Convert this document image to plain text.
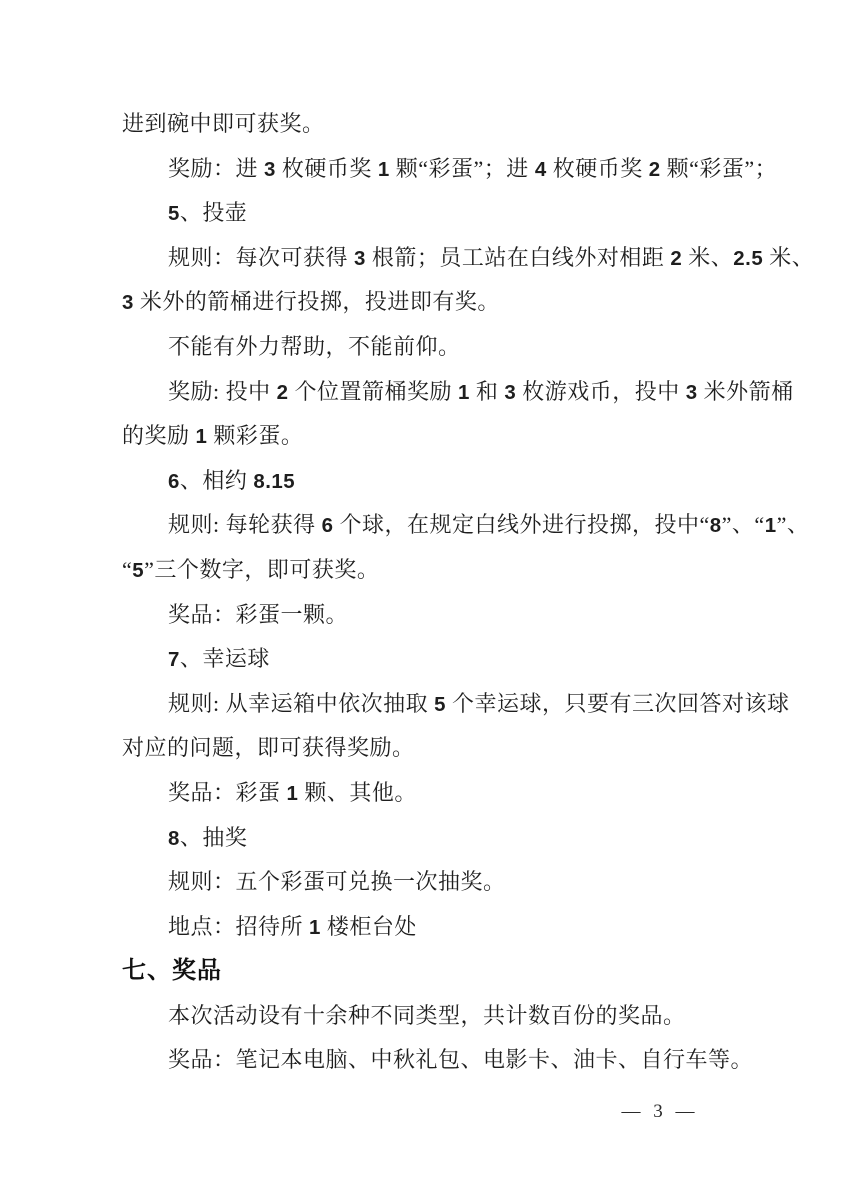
进到碗中即可获奖。
奖励：进 3 枚硬币奖 1 颗“彩蛋”；进 4 枚硬币奖 2 颗“彩蛋”；
5、投壶
规则：每次可获得 3 根箭；员工站在白线外对相距 2 米、2.5 米、
3 米外的箭桶进行投掷，投进即有奖。
不能有外力帮助，不能前仰。
奖励: 投中 2 个位置箭桶奖励 1 和 3 枚游戏币，投中 3 米外箭桶
的奖励 1 颗彩蛋。
6、相约 8.15
规则: 每轮获得 6 个球，在规定白线外进行投掷，投中“8”、“1”、
“5”三个数字，即可获奖。
奖品：彩蛋一颗。
7、幸运球
规则: 从幸运箱中依次抽取 5 个幸运球，只要有三次回答对该球
对应的问题，即可获得奖励。
奖品：彩蛋 1 颗、其他。
8、抽奖
规则：五个彩蛋可兑换一次抽奖。
地点：招待所 1 楼柜台处
七、奖品
本次活动设有十余种不同类型，共计数百份的奖品。
奖品：笔记本电脑、中秋礼包、电影卡、油卡、自行车等。
— 3 —
